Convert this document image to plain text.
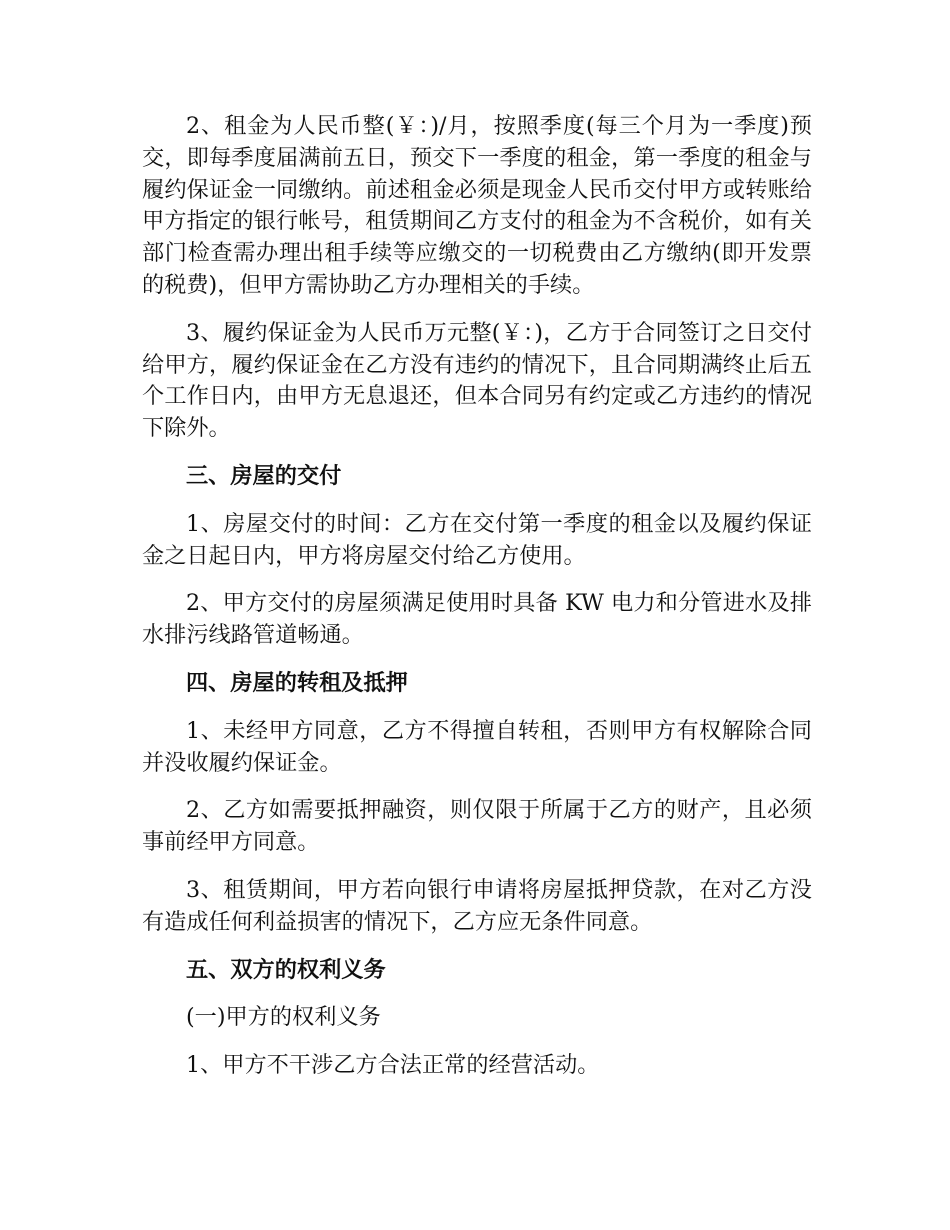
2、租金为人民币整(￥：)/月，按照季度(每三个月为一季度)预交，即每季度届满前五日，预交下一季度的租金，第一季度的租金与履约保证金一同缴纳。前述租金必须是现金人民币交付甲方或转账给甲方指定的银行帐号，租赁期间乙方支付的租金为不含税价，如有关部门检查需办理出租手续等应缴交的一切税费由乙方缴纳(即开发票的税费)，但甲方需协助乙方办理相关的手续。

3、履约保证金为人民币万元整(￥：)，乙方于合同签订之日交付给甲方，履约保证金在乙方没有违约的情况下，且合同期满终止后五个工作日内，由甲方无息退还，但本合同另有约定或乙方违约的情况下除外。

三、房屋的交付

1、房屋交付的时间：乙方在交付第一季度的租金以及履约保证金之日起日内，甲方将房屋交付给乙方使用。

2、甲方交付的房屋须满足使用时具备 KW 电力和分管进水及排水排污线路管道畅通。

四、房屋的转租及抵押

1、未经甲方同意，乙方不得擅自转租，否则甲方有权解除合同并没收履约保证金。

2、乙方如需要抵押融资，则仅限于所属于乙方的财产，且必须事前经甲方同意。

3、租赁期间，甲方若向银行申请将房屋抵押贷款，在对乙方没有造成任何利益损害的情况下，乙方应无条件同意。

五、双方的权利义务

(一)甲方的权利义务

1、甲方不干涉乙方合法正常的经营活动。
